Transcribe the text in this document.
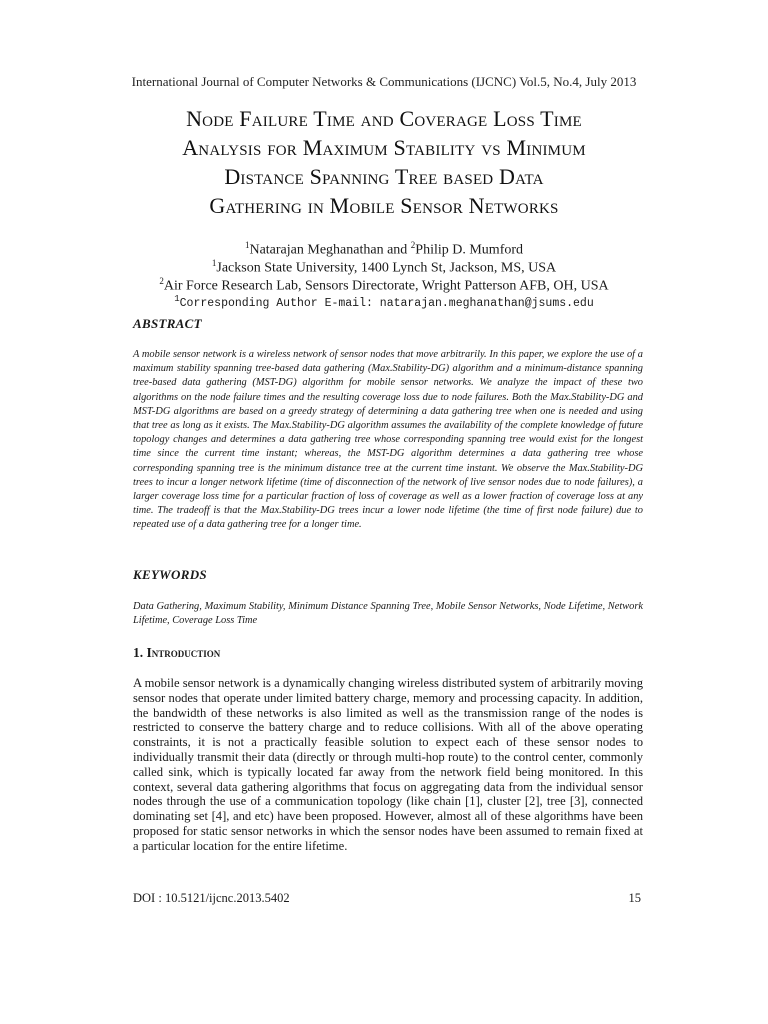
International Journal of Computer Networks & Communications (IJCNC) Vol.5, No.4, July 2013
Node Failure Time and Coverage Loss Time
Analysis for Maximum Stability vs Minimum
Distance Spanning Tree based Data
Gathering in Mobile Sensor Networks
$^1$Natarajan Meghanathan and $^2$Philip D. Mumford
$^1$Jackson State University, 1400 Lynch St, Jackson, MS, USA
$^2$Air Force Research Lab, Sensors Directorate, Wright Patterson AFB, OH, USA
$^1$Corresponding Author E-mail: natarajan.meghanathan@jsums.edu
ABSTRACT
A mobile sensor network is a wireless network of sensor nodes that move arbitrarily. In this paper, we explore the use of a maximum stability spanning tree-based data gathering (Max.Stability-DG) algorithm and a minimum-distance spanning tree-based data gathering (MST-DG) algorithm for mobile sensor networks. We analyze the impact of these two algorithms on the node failure times and the resulting coverage loss due to node failures. Both the Max.Stability-DG and MST-DG algorithms are based on a greedy strategy of determining a data gathering tree when one is needed and using that tree as long as it exists. The Max.Stability-DG algorithm assumes the availability of the complete knowledge of future topology changes and determines a data gathering tree whose corresponding spanning tree would exist for the longest time since the current time instant; whereas, the MST-DG algorithm determines a data gathering tree whose corresponding spanning tree is the minimum distance tree at the current time instant. We observe the Max.Stability-DG trees to incur a longer network lifetime (time of disconnection of the network of live sensor nodes due to node failures), a larger coverage loss time for a particular fraction of loss of coverage as well as a lower fraction of coverage loss at any time. The tradeoff is that the Max.Stability-DG trees incur a lower node lifetime (the time of first node failure) due to repeated use of a data gathering tree for a longer time.
KEYWORDS
Data Gathering, Maximum Stability, Minimum Distance Spanning Tree, Mobile Sensor Networks, Node Lifetime, Network Lifetime, Coverage Loss Time
1. Introduction
A mobile sensor network is a dynamically changing wireless distributed system of arbitrarily moving sensor nodes that operate under limited battery charge, memory and processing capacity. In addition, the bandwidth of these networks is also limited as well as the transmission range of the nodes is restricted to conserve the battery charge and to reduce collisions. With all of the above operating constraints, it is not a practically feasible solution to expect each of these sensor nodes to individually transmit their data (directly or through multi-hop route) to the control center, commonly called sink, which is typically located far away from the network field being monitored. In this context, several data gathering algorithms that focus on aggregating data from the individual sensor nodes through the use of a communication topology (like chain [1], cluster [2], tree [3], connected dominating set [4], and etc) have been proposed. However, almost all of these algorithms have been proposed for static sensor networks in which the sensor nodes have been assumed to remain fixed at a particular location for the entire lifetime.
DOI : 10.5121/ijcnc.2013.5402	15
